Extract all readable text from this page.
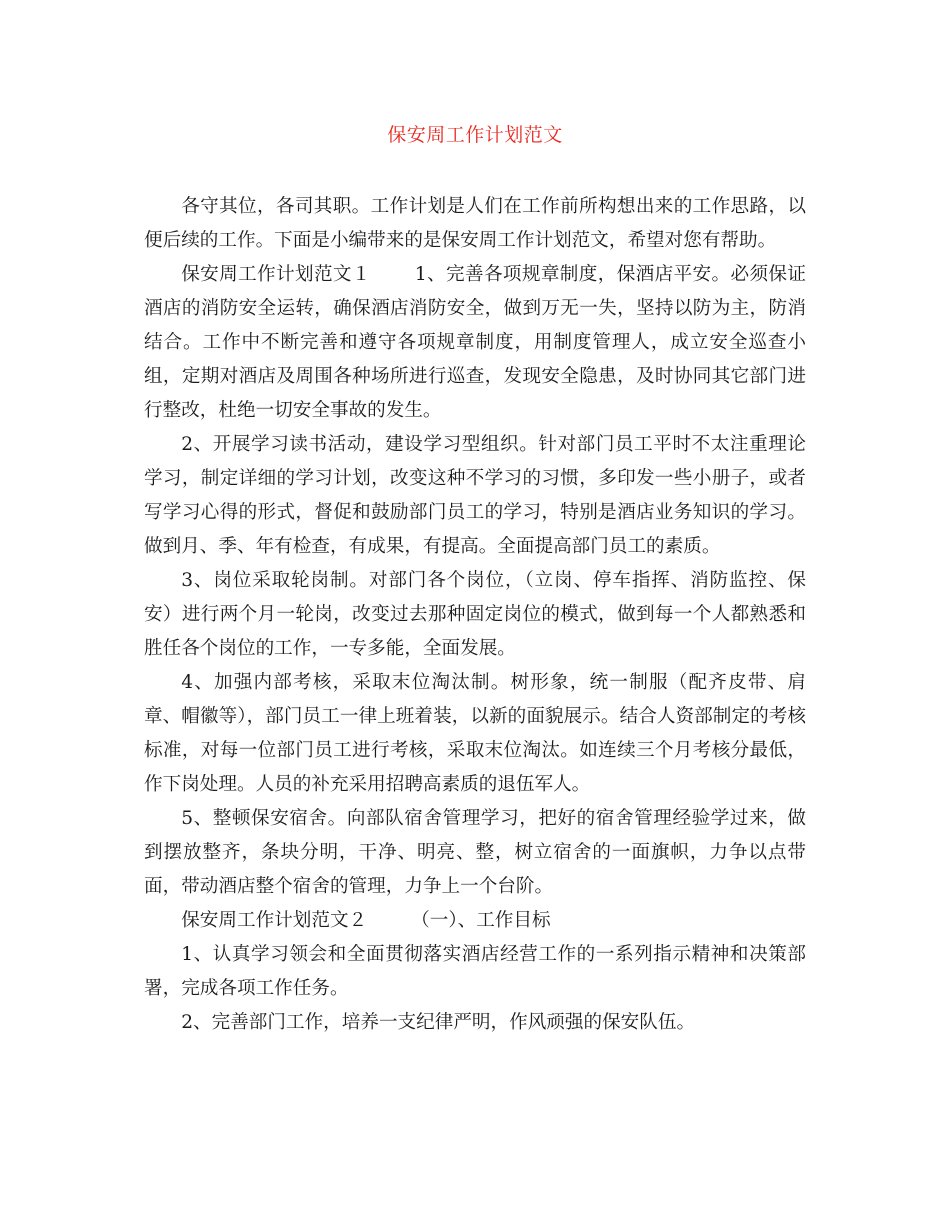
保安周工作计划范文

各守其位，各司其职。工作计划是人们在工作前所构想出来的工作思路，以便后续的工作。下面是小编带来的是保安周工作计划范文，希望对您有帮助。

保安周工作计划范文１ 1、完善各项规章制度，保酒店平安。必须保证酒店的消防安全运转，确保酒店消防安全，做到万无一失，坚持以防为主，防消结合。工作中不断完善和遵守各项规章制度，用制度管理人，成立安全巡查小组，定期对酒店及周围各种场所进行巡查，发现安全隐患，及时协同其它部门进行整改，杜绝一切安全事故的发生。

2、开展学习读书活动，建设学习型组织。针对部门员工平时不太注重理论学习，制定详细的学习计划，改变这种不学习的习惯，多印发一些小册子，或者写学习心得的形式，督促和鼓励部门员工的学习，特别是酒店业务知识的学习。做到月、季、年有检查，有成果，有提高。全面提高部门员工的素质。

3、岗位采取轮岗制。对部门各个岗位，（立岗、停车指挥、消防监控、保安）进行两个月一轮岗，改变过去那种固定岗位的模式，做到每一个人都熟悉和胜任各个岗位的工作，一专多能，全面发展。

4、加强内部考核，采取末位淘汰制。树形象，统一制服（配齐皮带、肩章、帽徽等），部门员工一律上班着装，以新的面貌展示。结合人资部制定的考核标准，对每一位部门员工进行考核，采取末位淘汰。如连续三个月考核分最低，作下岗处理。人员的补充采用招聘高素质的退伍军人。

5、整顿保安宿舍。向部队宿舍管理学习，把好的宿舍管理经验学过来，做到摆放整齐，条块分明，干净、明亮、整，树立宿舍的一面旗帜，力争以点带面，带动酒店整个宿舍的管理，力争上一个台阶。

保安周工作计划范文２ （一）、工作目标

1、认真学习领会和全面贯彻落实酒店经营工作的一系列指示精神和决策部署，完成各项工作任务。

2、完善部门工作，培养一支纪律严明，作风顽强的保安队伍。
